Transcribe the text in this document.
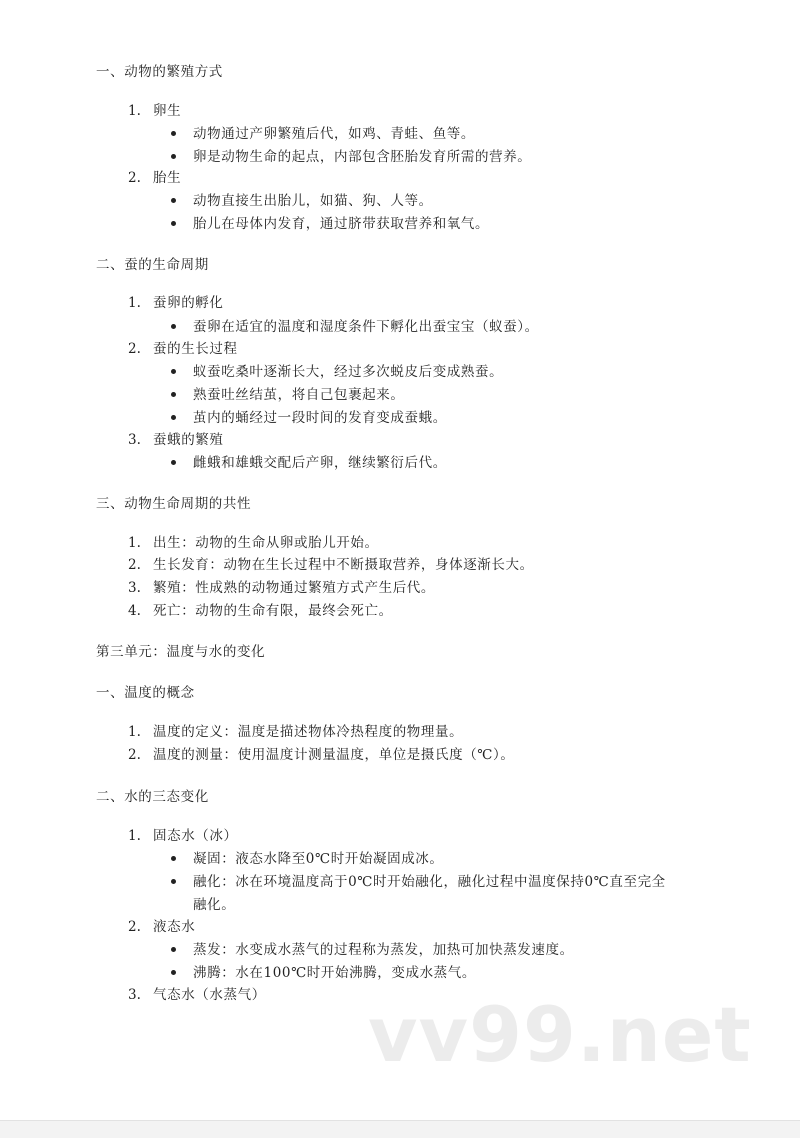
一、动物的繁殖方式
1. 卵生
动物通过产卵繁殖后代，如鸡、青蛙、鱼等。
卵是动物生命的起点，内部包含胚胎发育所需的营养。
2. 胎生
动物直接生出胎儿，如猫、狗、人等。
胎儿在母体内发育，通过脐带获取营养和氧气。
二、蚕的生命周期
1. 蚕卵的孵化
蚕卵在适宜的温度和湿度条件下孵化出蚕宝宝（蚁蚕）。
2. 蚕的生长过程
蚁蚕吃桑叶逐渐长大，经过多次蜕皮后变成熟蚕。
熟蚕吐丝结茧，将自己包裹起来。
茧内的蛹经过一段时间的发育变成蚕蛾。
3. 蚕蛾的繁殖
雌蛾和雄蛾交配后产卵，继续繁衍后代。
三、动物生命周期的共性
1. 出生：动物的生命从卵或胎儿开始。
2. 生长发育：动物在生长过程中不断摄取营养，身体逐渐长大。
3. 繁殖：性成熟的动物通过繁殖方式产生后代。
4. 死亡：动物的生命有限，最终会死亡。
第三单元：温度与水的变化
一、温度的概念
1. 温度的定义：温度是描述物体冷热程度的物理量。
2. 温度的测量：使用温度计测量温度，单位是摄氏度（℃）。
二、水的三态变化
1. 固态水（冰）
凝固：液态水降至0℃时开始凝固成冰。
融化：冰在环境温度高于0℃时开始融化，融化过程中温度保持0℃直至完全
融化。
2. 液态水
蒸发：水变成水蒸气的过程称为蒸发，加热可加快蒸发速度。
沸腾：水在100℃时开始沸腾，变成水蒸气。
3. 气态水（水蒸气） vv99.net
